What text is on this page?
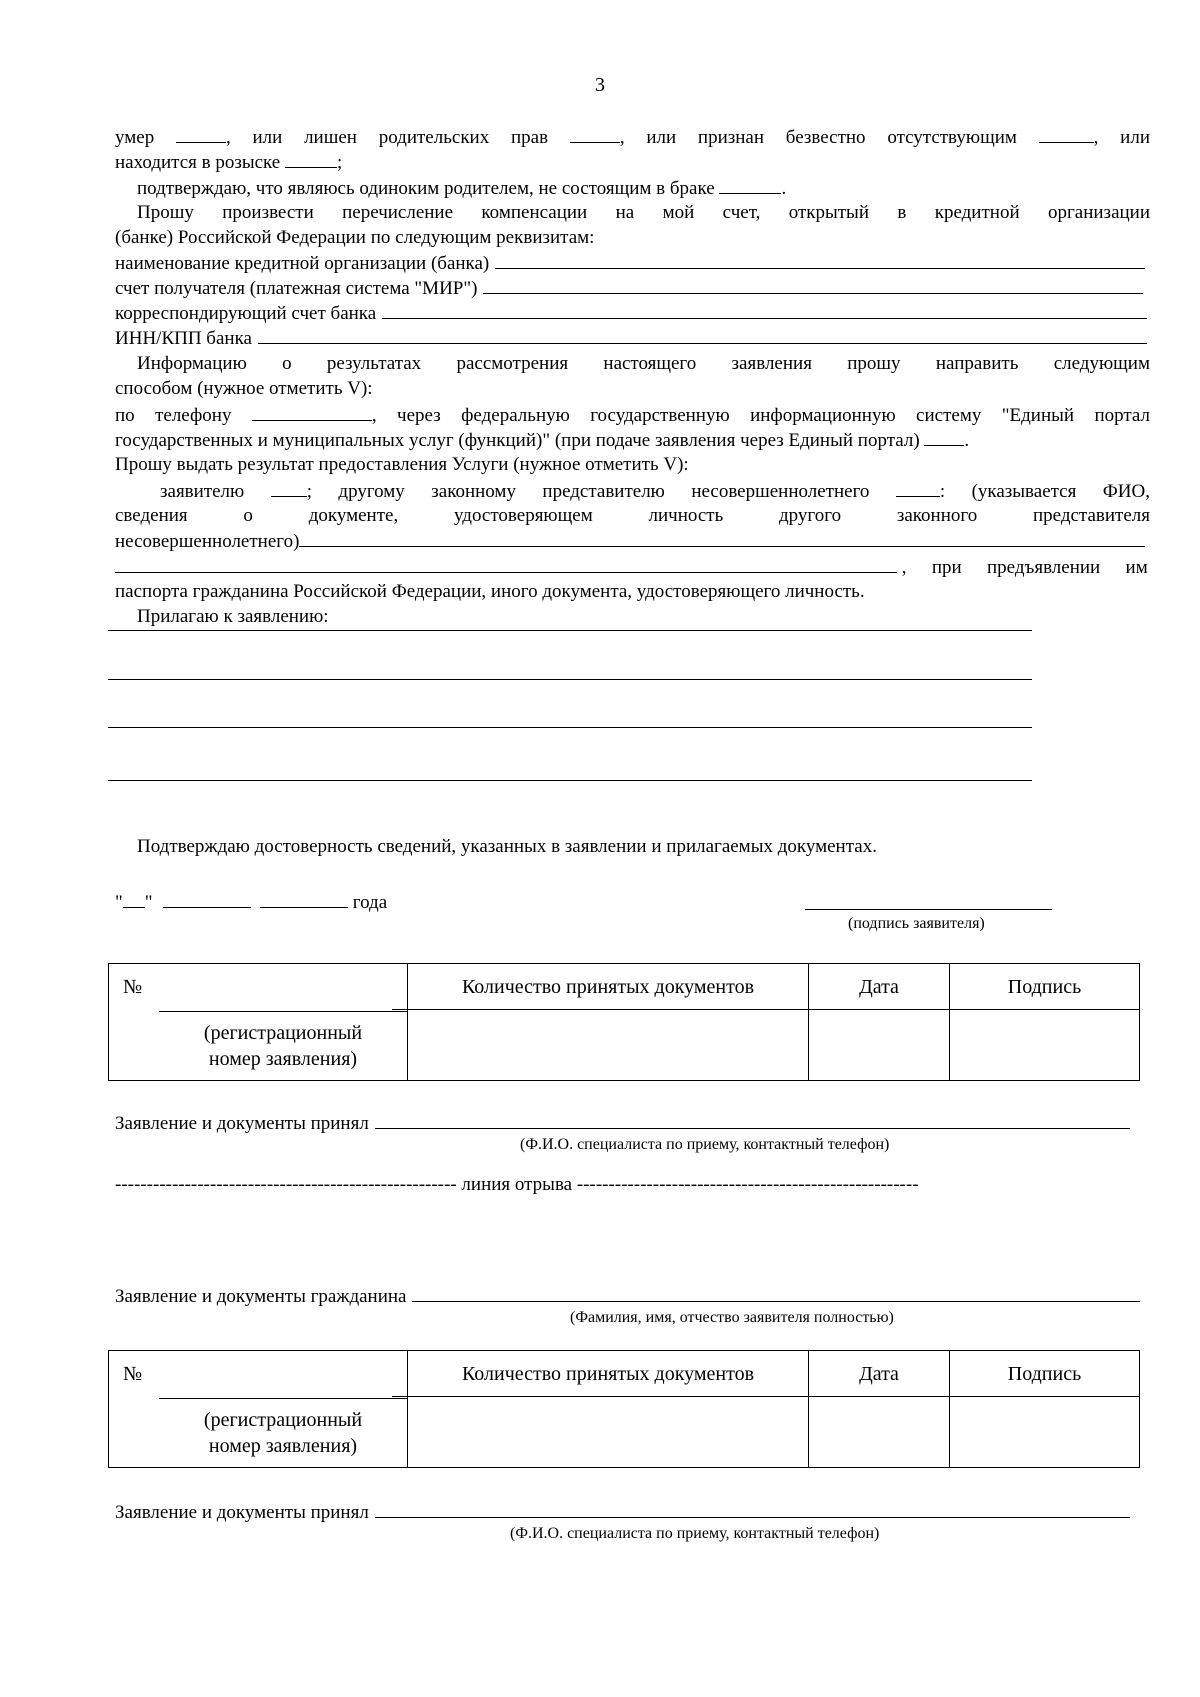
3
умер	, или лишен родительских прав	, или признан безвестно отсутствующим	, или
находится в розыске	;
подтверждаю, что являюсь одиноким родителем, не состоящим в браке	.
Прошу произвести перечисление компенсации на мой счет, открытый в кредитной организации
(банке) Российской Федерации по следующим реквизитам:
наименование кредитной организации (банка)
счет получателя (платежная система "МИР")
корреспондирующий счет банка
ИНН/КПП банка
Информацию о результатах рассмотрения настоящего заявления прошу направить следующим
способом (нужное отметить V):
по телефону	, через федеральную государственную информационную систему "Единый портал
государственных и муниципальных услуг (функций)" (при подаче заявления через Единый портал) .
Прошу выдать результат предоставления Услуги (нужное отметить V):
заявителю	; другому законному представителю несовершеннолетнего	: (указывается ФИО,
сведения о документе, удостоверяющем личность другого законного представителя
несовершеннолетнего)
, при предъявлении им
паспорта гражданина Российской Федерации, иного документа, удостоверяющего личность.
Прилагаю к заявлению:
Подтверждаю достоверность сведений, указанных в заявлении и прилагаемых документах.
" "	года
(подпись заявителя)
№	Количество принятых документов	Дата	Подпись

(регистрационный
номер заявления)
Заявление и документы принял
(Ф.И.О. специалиста по приему, контактный телефон)
------------------------------------------------------ линия отрыва ------------------------------------------------------
Заявление и документы гражданина
(Фамилия, имя, отчество заявителя полностью)
№	Количество принятых документов	Дата	Подпись

(регистрационный
номер заявления)
Заявление и документы принял
(Ф.И.О. специалиста по приему, контактный телефон)
